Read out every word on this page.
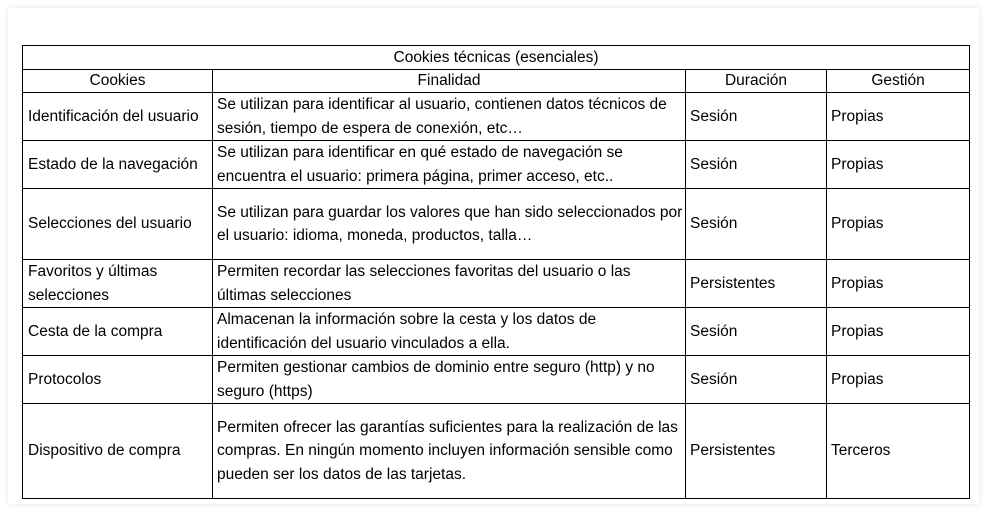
Cookies técnicas (esenciales)			
Cookies	Finalidad	Duración	Gestión
Identificación del usuario	Se utilizan para identificar al usuario, contienen datos técnicos de sesión, tiempo de espera de conexión, etc…	Sesión	Propias
Estado de la navegación	Se utilizan para identificar en qué estado de navegación se encuentra el usuario: primera página, primer acceso, etc..	Sesión	Propias
Selecciones del usuario	Se utilizan para guardar los valores que han sido seleccionados por el usuario: idioma, moneda, productos, talla…	Sesión	Propias
Favoritos y últimas selecciones	Permiten recordar las selecciones favoritas del usuario o las últimas selecciones	Persistentes	Propias
Cesta de la compra	Almacenan la información sobre la cesta y los datos de identificación del usuario vinculados a ella.	Sesión	Propias
Protocolos	Permiten gestionar cambios de dominio entre seguro (http) y no seguro (https)	Sesión	Propias
Dispositivo de compra	Permiten ofrecer las garantías suficientes para la realización de las compras. En ningún momento incluyen información sensible como pueden ser los datos de las tarjetas.	Persistentes	Terceros
